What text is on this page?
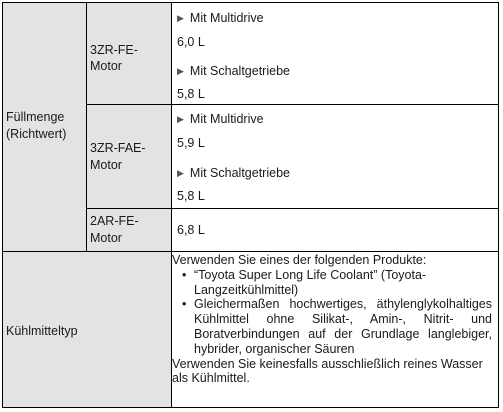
Füllmenge
(Richtwert)
3ZR-FE-
Motor
▶ Mit Multidrive
6,0 L
▶ Mit Schaltgetriebe
5,8 L
3ZR-FAE-
Motor
▶ Mit Multidrive
5,9 L
▶ Mit Schaltgetriebe
5,8 L
2AR-FE-
Motor
6,8 L
Kühlmitteltyp

Verwenden Sie eines der folgenden Produkte:

• “Toyota Super Long Life Coolant” (Toyota-Langzeitkühlmittel)

• Gleichermaßen hochwertiges, äthylenglykolhaltiges Kühlmittel ohne Silikat-, Amin-, Nitrit- und Boratverbindungen auf der Grundlage langlebiger, hybrider, organischer Säuren

Verwenden Sie keinesfalls ausschließlich reines Wasser als Kühlmittel.
